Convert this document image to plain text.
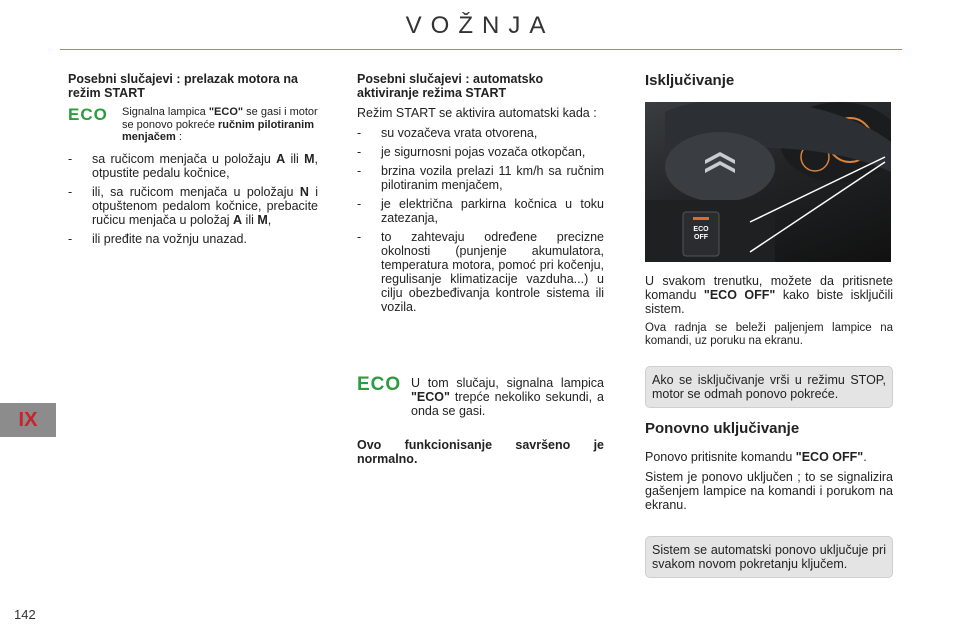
VOŽNJA
IX
142
Posebni slučajevi : prelazak motora na režim START
ECO	Signalna lampica "ECO" se gasi i motor se ponovo pokreće ručnim pilotiranim menjačem :
- sa ručicom menjača u položaju A ili M, otpustite pedalu kočnice,
- ili, sa ručicom menjača u položaju N i otpuštenom pedalom kočnice, prebacite ručicu menjača u položaj A ili M,
- ili pređite na vožnju unazad.
Posebni slučajevi : automatsko aktiviranje režima START

Režim START se aktivira automatski kada :

- su vozačeva vrata otvorena,
- je sigurnosni pojas vozača otkopčan,
- brzina vozila prelazi 11 km/h sa ručnim pilotiranim menjačem,
- je električna parkirna kočnica u toku zatezanja,
- to zahtevaju određene precizne okolnosti (punjenje akumulatora, temperatura motora, pomoć pri kočenju, regulisanje klimatizacije vazduha...) u cilju obezbeđivanja kontrole sistema ili vozila.
ECO U tom slučaju, signalna lampica "ECO" trepće nekoliko sekundi, a onda se gasi.

Ovo funkcionisanje savršeno je normalno.

Isključivanje
ECO
OFF

U svakom trenutku, možete da pritisnete komandu "ECO OFF" kako biste isključili sistem.

Ova radnja se beleži paljenjem lampice na komandi, uz poruku na ekranu.

Ako se isključivanje vrši u režimu STOP, motor se odmah ponovo pokreće.

Ponovno uključivanje

Ponovo pritisnite komandu "ECO OFF".

Sistem je ponovo uključen ; to se signalizira gašenjem lampice na komandi i porukom na ekranu.

Sistem se automatski ponovo uključuje pri svakom novom pokretanju ključem.
